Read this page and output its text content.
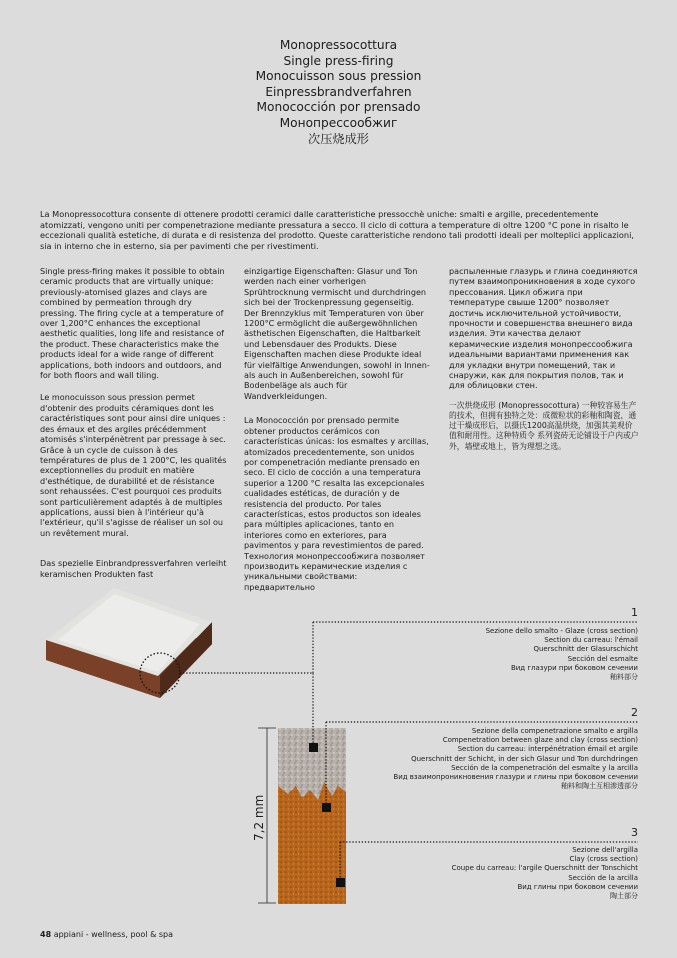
Monopressocottura
Single press-firing
Monocuisson sous pression
Einpressbrandverfahren
Monococción por prensado
Монопрессообжиг
次压烧成形
La Monopressocottura consente di ottenere prodotti ceramici dalle caratteristiche pressocchè uniche: smalti e argille, precedentemente atomizzati, vengono uniti per compenetrazione mediante pressatura a secco. Il ciclo di cottura a temperature di oltre 1200 °C pone in risalto le eccezionali qualità estetiche, di durata e di resistenza del prodotto. Queste caratteristiche rendono tali prodotti ideali per molteplici applicazioni, sia in interno che in esterno, sia per pavimenti che per rivestimenti.

Single press-firing makes it possible to obtain ceramic products that are virtually unique: previously-atomised glazes and clays are combined by permeation through dry pressing. The firing cycle at a temperature of over 1,200°C enhances the exceptional aesthetic qualities, long life and resistance of the product. These characteristics make the products ideal for a wide range of different applications, both indoors and outdoors, and for both floors and wall tiling.

Le monocuisson sous pression permet d'obtenir des produits céramiques dont les caractéristiques sont pour ainsi dire uniques : des émaux et des argiles précédemment atomisés s'interpénètrent par pressage à sec. Grâce à un cycle de cuisson à des températures de plus de 1 200°C, les qualités exceptionnelles du produit en matière d'esthétique, de durabilité et de résistance sont rehaussées. C'est pourquoi ces produits sont particulièrement adaptés à de multiples applications, aussi bien à l'intérieur qu'à l'extérieur, qu'il s'agisse de réaliser un sol ou un revêtement mural.

Das spezielle Einbrandpressverfahren verleiht keramischen Produkten fast

einzigartige Eigenschaften: Glasur und Ton werden nach einer vorherigen Sprühtrocknung vermischt und durchdringen sich bei der Trockenpressung gegenseitig. Der Brennzyklus mit Temperaturen von über 1200°C ermöglicht die außergewöhnlichen ästhetischen Eigenschaften, die Haltbarkeit und Lebensdauer des Produkts. Diese Eigenschaften machen diese Produkte ideal für vielfältige Anwendungen, sowohl in Innen- als auch in Außenbereichen, sowohl für Bodenbeläge als auch für Wandverkleidungen.

La Monococción por prensado permite obtener productos cerámicos con características únicas: los esmaltes y arcillas, atomizados precedentemente, son unidos por compenetración mediante prensado en seco. El ciclo de cocción a una temperatura superior a 1200 °C resalta las excepcionales cualidades estéticas, de duración y de resistencia del producto. Por tales características, estos productos son ideales para múltiples aplicaciones, tanto en interiores como en exteriores, para pavimentos y para revestimientos de pared.

Технология монопрессообжига позволяет производить керамические изделия с уникальными свойствами: предварительно

распыленные глазурь и глина соединяются путем взаимопроникновения в ходе сухого прессования. Цикл обжига при температуре свыше 1200° позволяет достичь исключительной устойчивости, прочности и совершенства внешнего вида изделия. Эти качества делают керамические изделия монопрессообжига идеальными вариантами применения как для укладки внутри помещений, так и снаружи, как для покрытия полов, так и для облицовки стен.

一次烘烧成形 (Monopressocottura) 一种较容易生产的技术，但拥有独特之处：成微粒状的彩釉和陶瓷，通过干燥成形后，以摄氏1200高温烘烧，加强其美观价值和耐用性。这种特质令 系列瓷砖无论铺设于户内或户外，墙壁或地上，皆为理想之选。

7,2 mm
1
Sezione dello smalto - Glaze (cross section)
Section du carreau: l'émail
Querschnitt der Glasurschicht
Sección del esmalte
Вид глазури при боковом сечении
釉料部分
2
Sezione della compenetrazione smalto e argilla
Compenetration between glaze and clay (cross section)
Section du carreau: interpénétration émail et argile
Querschnitt der Schicht, in der sich Glasur und Ton durchdringen
Sección de la compenetración del esmalte y la arcilla
Вид взаимопроникновения глазури и глины при боковом сечении
釉料和陶土互相渗透部分
3
Sezione dell'argilla
Clay (cross section)
Coupe du carreau: l'argile Querschnitt der Tonschicht
Sección de la arcilla
Вид глины при боковом сечении
陶土部分
48 appiani - wellness, pool & spa
